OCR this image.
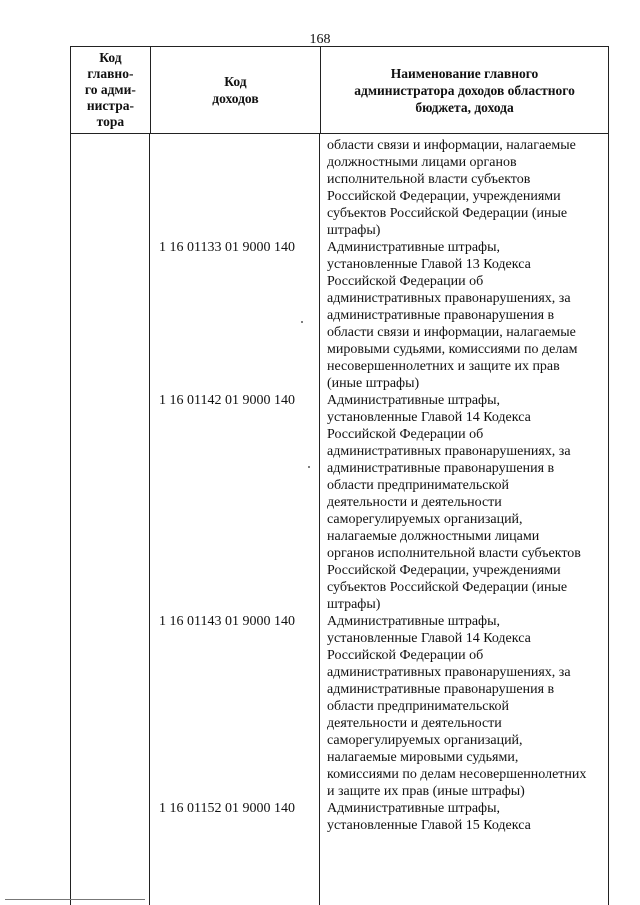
168
Код
главно-
го адми-
нистра-
тора

Код
доходов

Наименование главного
администратора доходов областного
бюджета, дохода
области связи и информации, налагаемые
должностными лицами органов
исполнительной власти субъектов
Российской Федерации, учреждениями
субъектов Российской Федерации (иные
штрафы)
1 16 01133 01 9000 140 Административные штрафы,
установленные Главой 13 Кодекса
Российской Федерации об
административных правонарушениях, за
административные правонарушения в
области связи и информации, налагаемые
мировыми судьями, комиссиями по делам
несовершеннолетних и защите их прав
(иные штрафы)
1 16 01142 01 9000 140 Административные штрафы,
установленные Главой 14 Кодекса
Российской Федерации об
административных правонарушениях, за
административные правонарушения в
области предпринимательской
деятельности и деятельности
саморегулируемых организаций,
налагаемые должностными лицами
органов исполнительной власти субъектов
Российской Федерации, учреждениями
субъектов Российской Федерации (иные
штрафы)
1 16 01143 01 9000 140 Административные штрафы,
установленные Главой 14 Кодекса
Российской Федерации об
административных правонарушениях, за
административные правонарушения в
области предпринимательской
деятельности и деятельности
саморегулируемых организаций,
налагаемые мировыми судьями,
комиссиями по делам несовершеннолетних
и защите их прав (иные штрафы)
1 16 01152 01 9000 140 Административные штрафы,
установленные Главой 15 Кодекса
